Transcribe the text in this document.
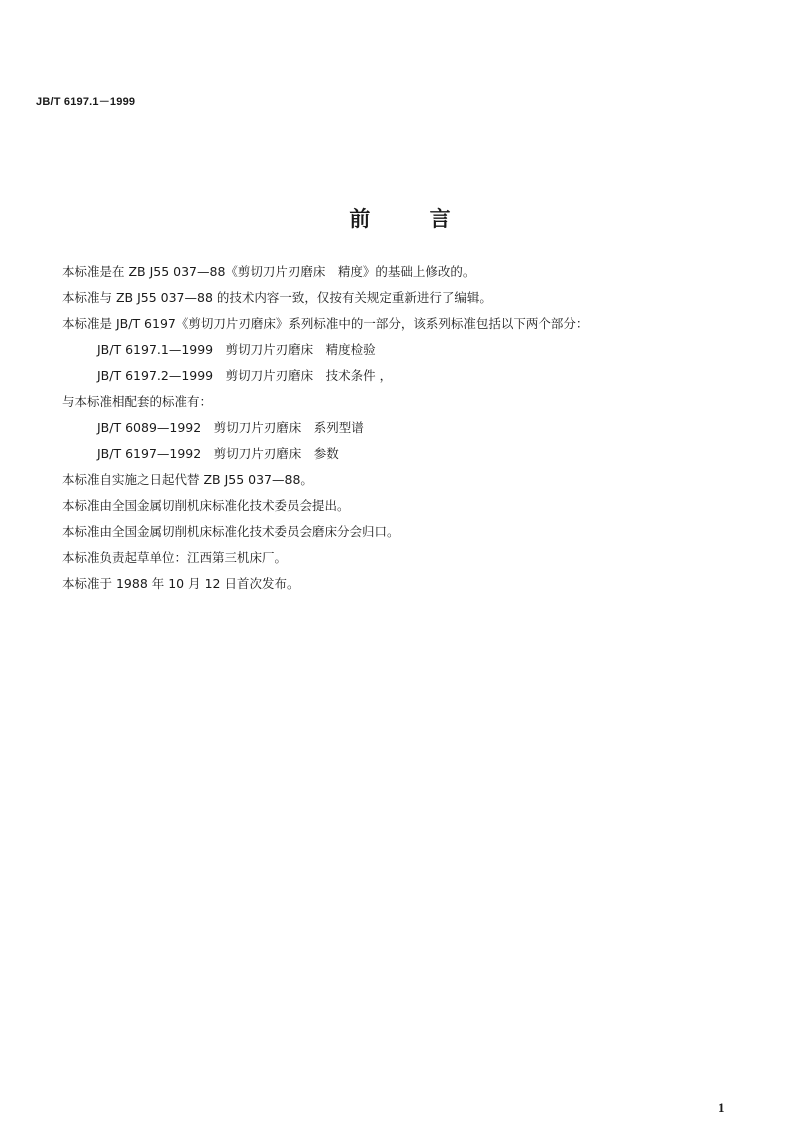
JB/T 6197.1－1999
前 言
本标准是在 ZB J55 037—88《剪切刀片刃磨床　精度》的基础上修改的。
本标准与 ZB J55 037—88 的技术内容一致，仅按有关规定重新进行了编辑。
本标准是 JB/T 6197《剪切刀片刃磨床》系列标准中的一部分，该系列标准包括以下两个部分：
JB/T 6197.1—1999　剪切刀片刃磨床　精度检验
JB/T 6197.2—1999　剪切刀片刃磨床　技术条件 ，
与本标准相配套的标准有：
JB/T 6089—1992　剪切刀片刃磨床　系列型谱
JB/T 6197—1992　剪切刀片刃磨床　参数
本标准自实施之日起代替 ZB J55 037—88。
本标准由全国金属切削机床标准化技术委员会提出。
本标准由全国金属切削机床标准化技术委员会磨床分会归口。
本标准负责起草单位：江西第三机床厂。
本标准于 1988 年 10 月 12 日首次发布。
1
